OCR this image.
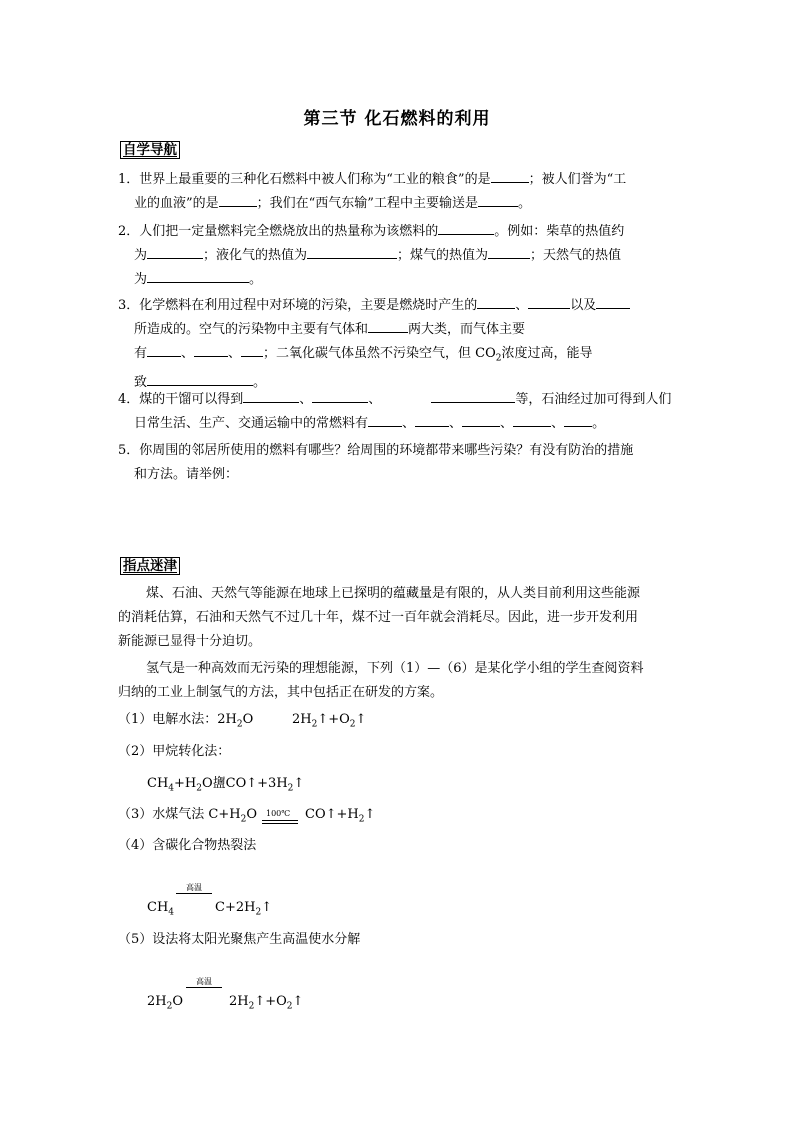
第三节 化石燃料的利用
自学导航
1．世界上最重要的三种化石燃料中被人们称为“工业的粮食”的是	；被人们誉为“工
业的血液”的是	；我们在“西气东输”工程中主要输送是	。
2．人们把一定量燃料完全燃烧放出的热量称为该燃料的	。例如：柴草的热值约
为	；液化气的热值为	；煤气的热值为	；天然气的热值
为	。
3．化学燃料在利用过程中对环境的污染，主要是燃烧时产生的	、	以及
所造成的。空气的污染物中主要有气体和	两大类，而气体主要
有	、	、 ；二氧化碳气体虽然不污染空气，但 $CO_2$浓度过高，能导
致	。
4．煤的干馏可以得到	、	、	等，石油经过加可得到人们
日常生活、生产、交通运输中的常燃料有	、	、	、	、 。
5．你周围的邻居所使用的燃料有哪些？给周围的环境都带来哪些污染？有没有防治的措施
和方法。请举例：
指点迷津
煤、石油、天然气等能源在地球上已探明的蕴藏量是有限的，从人类目前利用这些能源
的消耗估算，石油和天然气不过几十年，煤不过一百年就会消耗尽。因此，进一步开发利用
新能源已显得十分迫切。
氢气是一种高效而无污染的理想能源，下列（1）—（6）是某化学小组的学生查阅资料
归纳的工业上制氢气的方法，其中包括正在研发的方案。
（1）电解水法：$2H_2O$	$2H_2↑+O_2↑$
（2）甲烷转化法：
$CH_4+H_2O$䀋$CO↑+3H_2↑$
（3）水煤气法 $C+H_2O$ 100℃ $CO↑+H_2↑$
（4）含碳化合物热裂法
高温
$CH_4$	$C+2H_2↑$
（5）设法将太阳光聚焦产生高温使水分解
高温
$2H_2O$	$2H_2↑+O_2↑$
